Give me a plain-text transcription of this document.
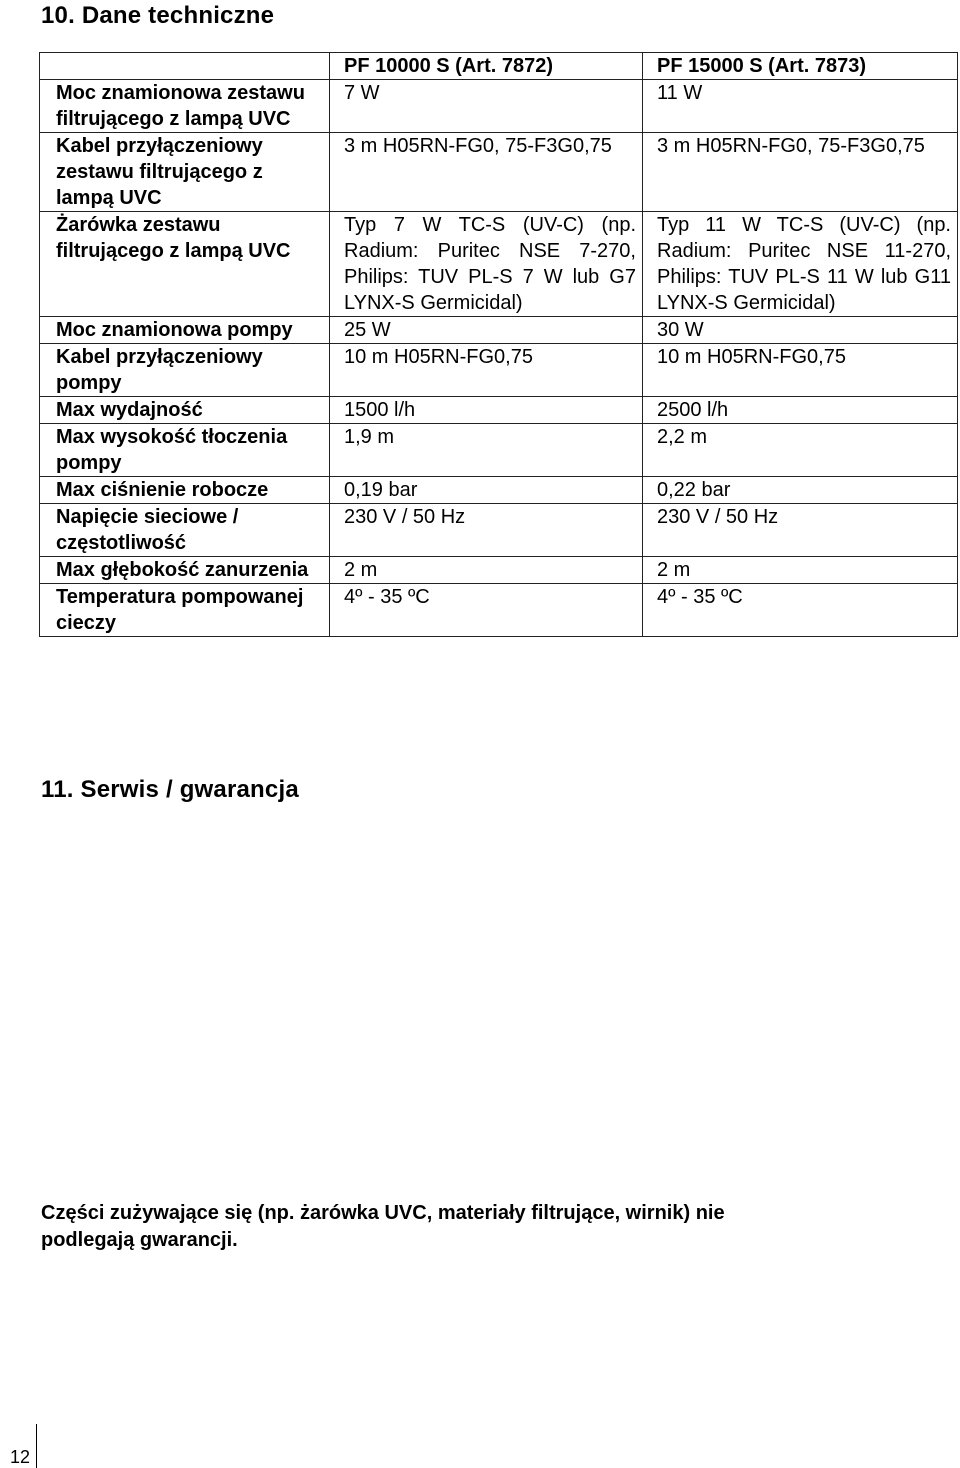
10. Dane techniczne
	PF 10000 S (Art. 7872)	PF 15000 S (Art. 7873)
Moc znamionowa zestawu filtrującego z lampą UVC	7 W	11 W
Kabel przyłączeniowy zestawu filtrującego z lampą UVC	3 m H05RN-FG0, 75-F3G0,75	3 m H05RN-FG0, 75-F3G0,75
Żarówka zestawu filtrującego z lampą UVC	Typ 7 W TC-S (UV-C) (np. Radium: Puritec NSE 7-270, Philips: TUV PL-S 7 W lub G7 LYNX-S Germicidal)	Typ 11 W TC-S (UV-C) (np. Radium: Puritec NSE 11-270, Philips: TUV PL-S 11 W lub G11 LYNX-S Germicidal)
Moc znamionowa pompy	25 W	30 W
Kabel przyłączeniowy pompy	10 m H05RN-FG0,75	10 m H05RN-FG0,75
Max wydajność	1500 l/h	2500 l/h
Max wysokość tłoczenia pompy	1,9 m	2,2 m
Max ciśnienie robocze	0,19 bar	0,22 bar
Napięcie sieciowe / częstotliwość	230 V / 50 Hz	230 V / 50 Hz
Max głębokość zanurzenia	2 m	2 m
Temperatura pompowanej cieczy	4º - 35 ºC	4º - 35 ºC
11. Serwis / gwarancja
Części zużywające się (np. żarówka UVC, materiały filtrujące, wirnik) nie podlegają gwarancji.
12
